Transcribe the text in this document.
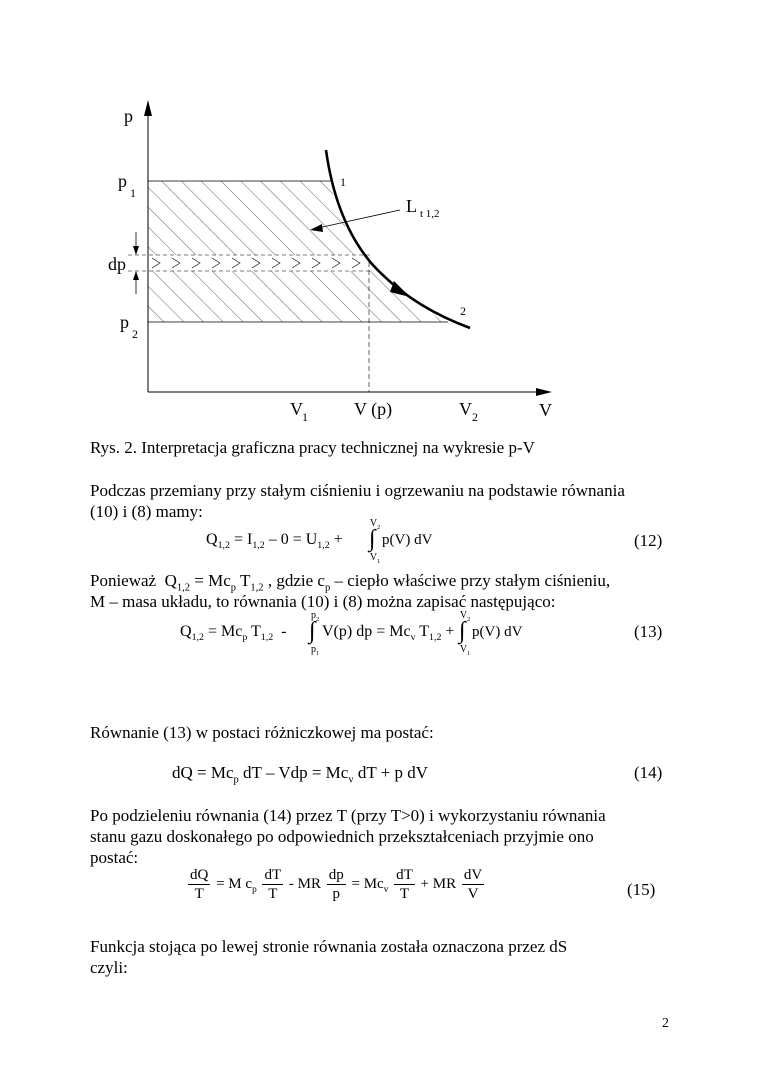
p
V
p
1
dp
p
2
V 1	V (p)	V 2
1
2
L t 1,2
Rys. 2. Interpretacja graficzna pracy technicznej na wykresie p-V
Podczas przemiany przy stałym ciśnieniu i ogrzewaniu na podstawie równania
(10) i (8) mamy:
$Q_{1,2} = I_{1,2} - 0 = U_{1,2}$ +
$V_2$
∫
$V_1$
p(V) dV	(12)
Ponieważ $Q_{1,2} = Mc_p$ $T_{1,2}$ , gdzie $c_p$ – ciepło właściwe przy stałym ciśnieniu,
M – masa układu, to równania (10) i (8) można zapisać następująco:
$Q_{1,2} = Mc_p$ $T_{1,2}$ -
$p_2$
∫
$p_1$
V(p) dp = $Mc_v$ $T_{1,2}$ +
$V_2$
∫
$V_1$
p(V) dV	(13)
Równanie (13) w postaci różniczkowej ma postać:
dQ = $Mc_p$ dT – Vdp = $Mc_v$ dT + p dV	(14)
Po podzieleniu równania (14) przez T (przy T>0) i wykorzystaniu równania
stanu gazu doskonałego po odpowiednich przekształceniach przyjmie ono
postać:
$\frac{dQ}{T} = M$ $c_p \frac{dT}{T}$ - MR $\frac{dp}{p} = Mc_v \frac{dT}{T}$ + MR $\frac{dV}{V}$	(15)
Funkcja stojąca po lewej stronie równania została oznaczona przez dS
czyli:
2
